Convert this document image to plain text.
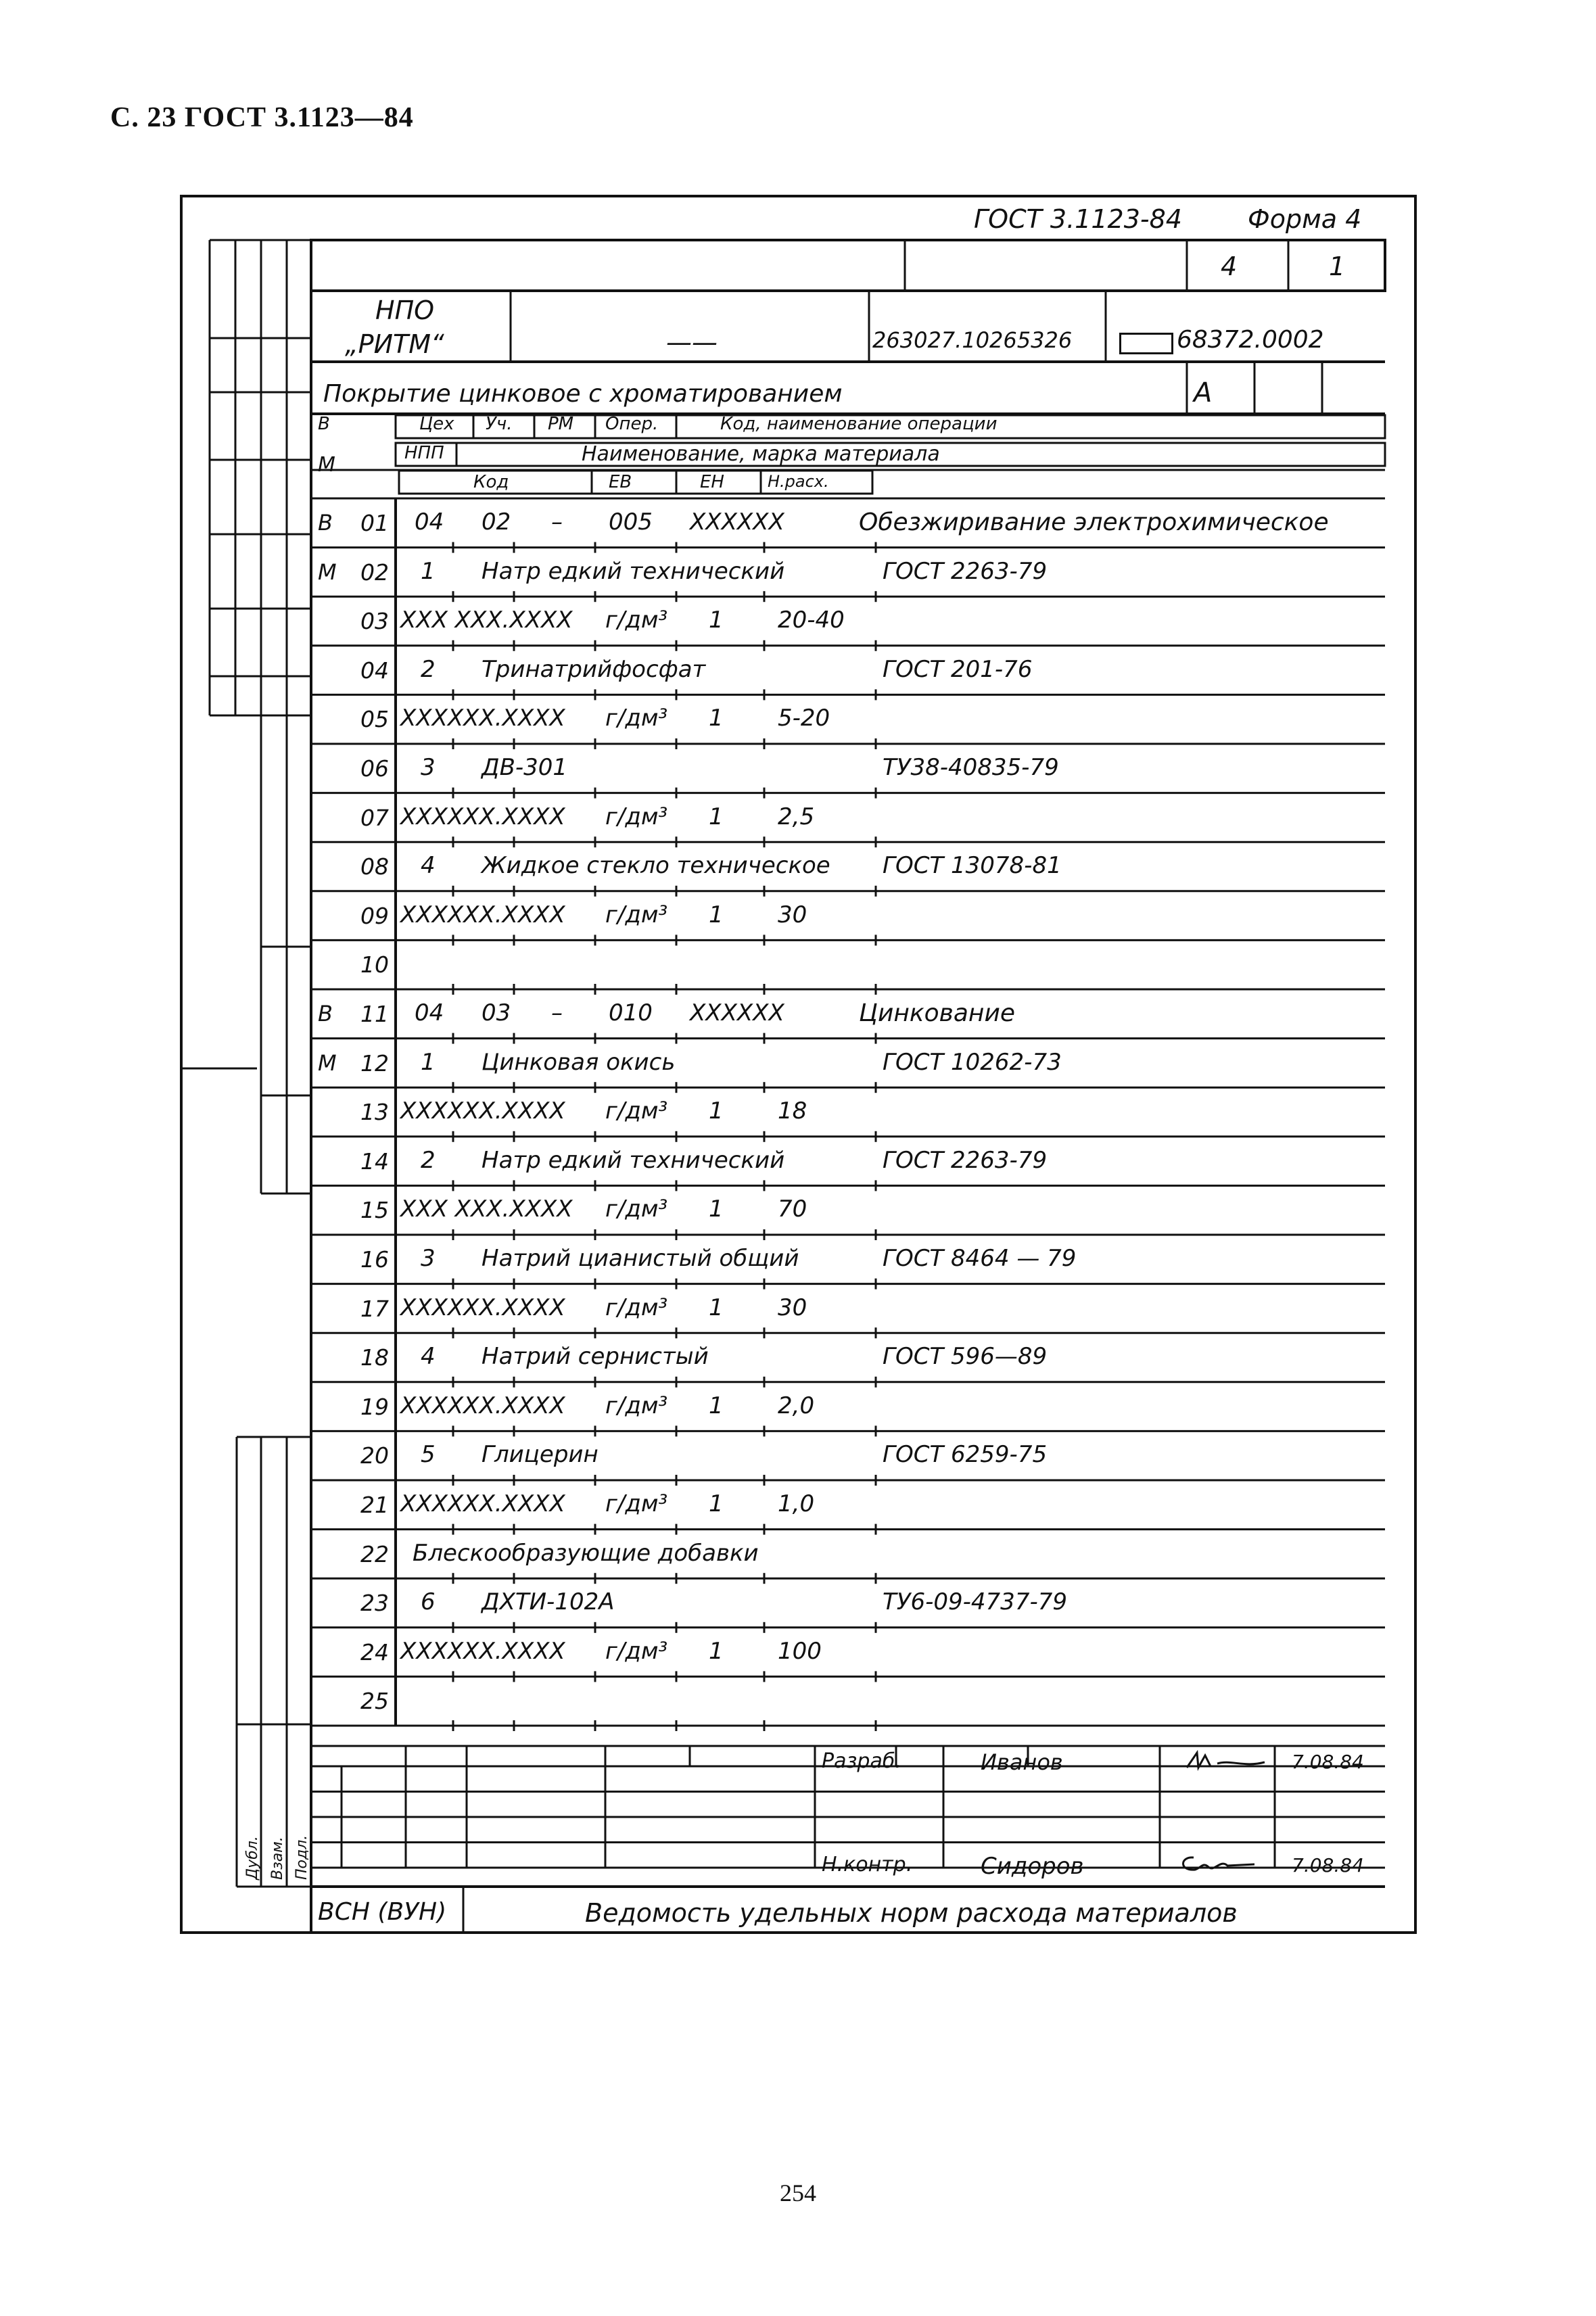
С. 23 ГОСТ 3.1123—84
ГОСТ 3.1123-84	Форма 4
4	1
НПО
„РИТМ“	——	263027.10265326	68372.0002
Покрытие цинковое с хроматированием	А
В
М
Цех Уч. РМ Опер.	Код, наименование операции
НПП	Наименование, марка материала
Код	ЕВ	ЕН	Н.расх.
В 01 04 02 – 005 XXXXXX	Обезжиривание электрохимическое
М 02 1 Натр едкий технический	ГОСТ 2263-79
03 XXX XXX.XXXX г/дм³ 1 20-40
04 2 Тринатрийфосфат	ГОСТ 201-76
05 XXXXXX.XXXX г/дм³ 1 5-20
06 3 ДВ-301	ТУ38-40835-79
07 XXXXXX.XXXX г/дм³ 1 2,5
08 4 Жидкое стекло техническое ГОСТ 13078-81
09 XXXXXX.XXXX г/дм³ 1 30
10
В 11 04 03 – 010 XXXXXX	Цинкование
М 12 1 Цинковая окись	ГОСТ 10262-73
13 XXXXXX.XXXX г/дм³ 1 18
14 2 Натр едкий технический	ГОСТ 2263-79
15 XXX XXX.XXXX г/дм³ 1 70
16 3 Натрий цианистый общий	ГОСТ 8464 — 79
17 XXXXXX.XXXX г/дм³ 1 30
18 4 Натрий сернистый	ГОСТ 596—89
19 XXXXXX.XXXX г/дм³ 1 2,0
20 5 Глицерин	ГОСТ 6259-75
21 XXXXXX.XXXX г/дм³ 1 1,0
22 Блескообразующие добавки
23 6 ДХТИ-102А	ТУ6-09-4737-79
24 XXXXXX.XXXX г/дм³ 1 100
25
Разраб.	Иванов	7.08.84
Н.контр.	Сидоров	7.08.84
Дубл. Взам. Подл.
ВСН (ВУН)	Ведомость удельных норм расхода материалов
254
